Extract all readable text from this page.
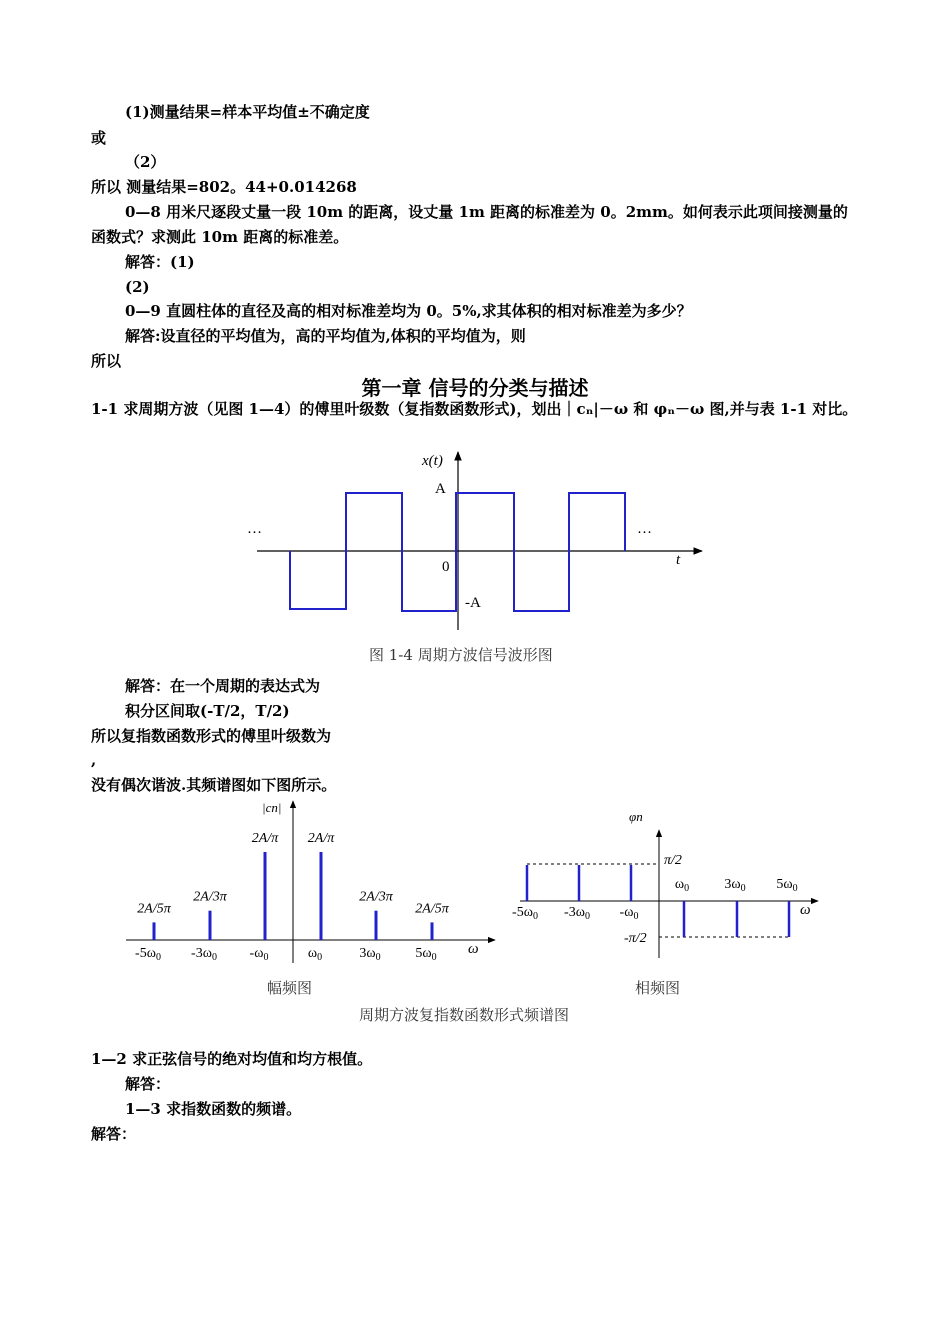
(1)测量结果=样本平均值±不确定度
或
（2）
所以 测量结果=802。44+0.014268
0—8 用米尺逐段丈量一段 10m 的距离，设丈量 1m 距离的标准差为 0。2mm。如何表示此项间接测量的函数式？求测此 10m 距离的标准差。
解答：(1)
(2)
0—9 直圆柱体的直径及高的相对标准差均为 0。5%,求其体积的相对标准差为多少？
解答:设直径的平均值为，高的平均值为,体积的平均值为，则
所以
第一章 信号的分类与描述
1-1 求周期方波（见图 1—4）的傅里叶级数（复指数函数形式)，划出｜cₙ|－ω 和 φₙ－ω 图,并与表 1-1 对比。
x(t)
t
A
-A
0
…	…
图 1-4 周期方波信号波形图
解答：在一个周期的表达式为
积分区间取(-T/2，T/2)
所以复指数函数形式的傅里叶级数为
,
没有偶次谐波.其频谱图如下图所示。
|cn|
ω
2A/5π
$-5\omega_0$
2A/3π
$-3\omega_0$
2A/π
$-\omega_0$
2A/π
$\omega_0$
2A/3π
$3\omega_0$
2A/5π
$5\omega_0$
幅频图
φn
ω
π/2
-π/2
$-5\omega_0$ $-3\omega_0$ $-\omega_0$
$\omega_0$	$3\omega_0$ $5\omega_0$
相频图
周期方波复指数函数形式频谱图
1—2 求正弦信号的绝对均值和均方根值。
解答：
1—3 求指数函数的频谱。
解答：
